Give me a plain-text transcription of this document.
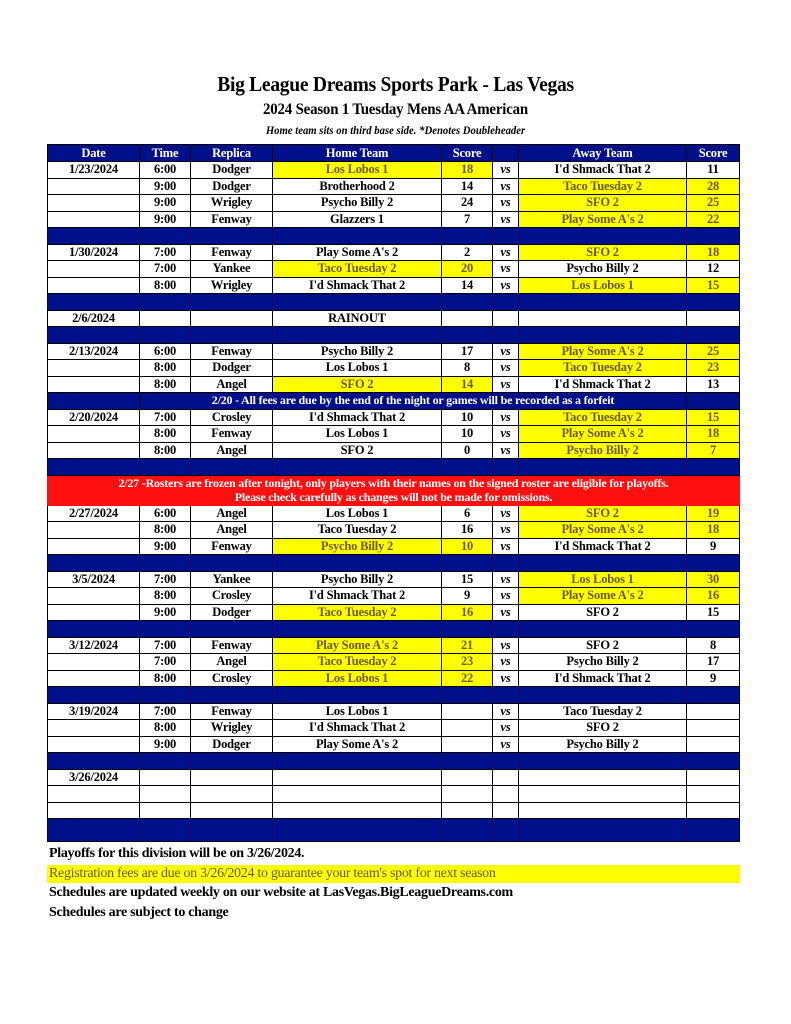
Big League Dreams Sports Park - Las Vegas
2024 Season 1 Tuesday Mens AA American
Home team sits on third base side. *Denotes Doubleheader
Date	Time	Replica	Home Team	Score		Away Team	Score
1/23/2024	6:00	Dodger	Los Lobos 1	18	vs	I'd Shmack That 2	11
	9:00	Dodger	Brotherhood 2	14	vs	Taco Tuesday 2	28
	9:00	Wrigley	Psycho Billy 2	24	vs	SFO 2	25
	9:00	Fenway	Glazzers 1	7	vs	Play Some A's 2	22

1/30/2024	7:00	Fenway	Play Some A's 2	2	vs	SFO 2	18
	7:00	Yankee	Taco Tuesday 2	20	vs	Psycho Billy 2	12
	8:00	Wrigley	I'd Shmack That 2	14	vs	Los Lobos 1	15

2/6/2024			RAINOUT				

2/13/2024	6:00	Fenway	Psycho Billy 2	17	vs	Play Some A's 2	25
	8:00	Dodger	Los Lobos 1	8	vs	Taco Tuesday 2	23
	8:00	Angel	SFO 2	14	vs	I'd Shmack That 2	13
	2/20 - All fees are due by the end of the night or games will be recorded as a forfeit						
2/20/2024	7:00	Crosley	I'd Shmack That 2	10	vs	Taco Tuesday 2	15
	8:00	Fenway	Los Lobos 1	10	vs	Play Some A's 2	18
	8:00	Angel	SFO 2	0	vs	Psycho Billy 2	7

2/27 -Rosters are frozen after tonight, only players with their names on the signed roster are eligible for playoffs.
Please check carefully as changes will not be made for omissions.							

2/27/2024	6:00	Angel	Los Lobos 1	6	vs	SFO 2	19
	8:00	Angel	Taco Tuesday 2	16	vs	Play Some A's 2	18
	9:00	Fenway	Psycho Billy 2	10	vs	I'd Shmack That 2	9

3/5/2024	7:00	Yankee	Psycho Billy 2	15	vs	Los Lobos 1	30
	8:00	Crosley	I'd Shmack That 2	9	vs	Play Some A's 2	16
	9:00	Dodger	Taco Tuesday 2	16	vs	SFO 2	15

3/12/2024	7:00	Fenway	Play Some A's 2	21	vs	SFO 2	8
	7:00	Angel	Taco Tuesday 2	23	vs	Psycho Billy 2	17
	8:00	Crosley	Los Lobos 1	22	vs	I'd Shmack That 2	9

3/19/2024	7:00	Fenway	Los Lobos 1		vs	Taco Tuesday 2	
	8:00	Wrigley	I'd Shmack That 2		vs	SFO 2	
	9:00	Dodger	Play Some A's 2		vs	Psycho Billy 2	

3/26/2024							

Playoffs for this division will be on 3/26/2024.
Registration fees are due on 3/26/2024 to guarantee your team's spot for next season
Schedules are updated weekly on our website at LasVegas.BigLeagueDreams.com
Schedules are subject to change
